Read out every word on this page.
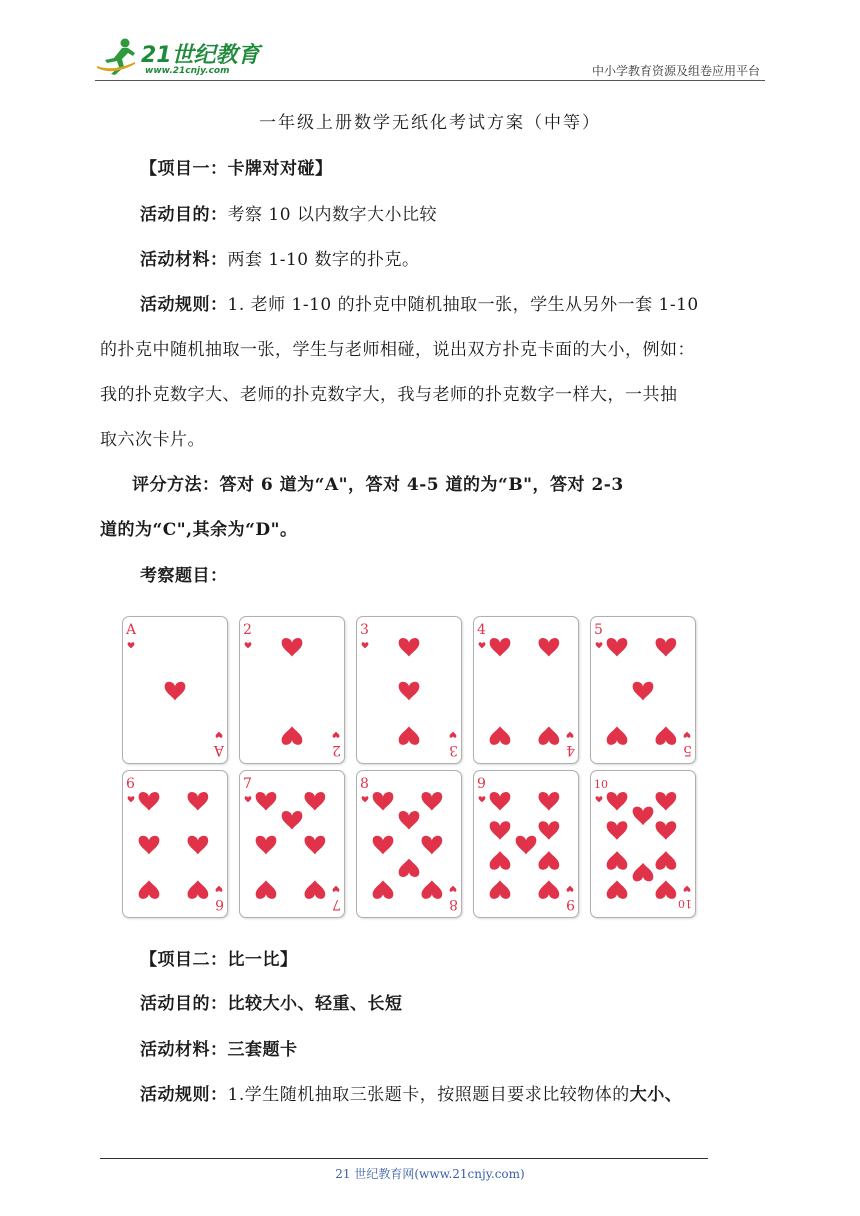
21世纪教育
www.21cnjy.com	中小学教育资源及组卷应用平台
一年级上册数学无纸化考试方案（中等）
【项目一：卡牌对对碰】
活动目的：考察 10 以内数字大小比较
活动材料：两套 1-10 数字的扑克。
活动规则：1. 老师 1-10 的扑克中随机抽取一张，学生从另外一套 1-10
的扑克中随机抽取一张，学生与老师相碰，说出双方扑克卡面的大小，例如：
我的扑克数字大、老师的扑克数字大，我与老师的扑克数字一样大，一共抽
取六次卡片。
评分方法：答对 6 道为“A"，答对 4-5 道的为“B"，答对 2-3
道的为“C",其余为“D"。
考察题目：
A
A
2
2
3
3
4
4
5
5
6
6
7
7
8
8
9
9
10
10
【项目二：比一比】
活动目的：比较大小、轻重、长短
活动材料：三套题卡
活动规则：1.学生随机抽取三张题卡，按照题目要求比较物体的大小、
21 世纪教育网(www.21cnjy.com)
